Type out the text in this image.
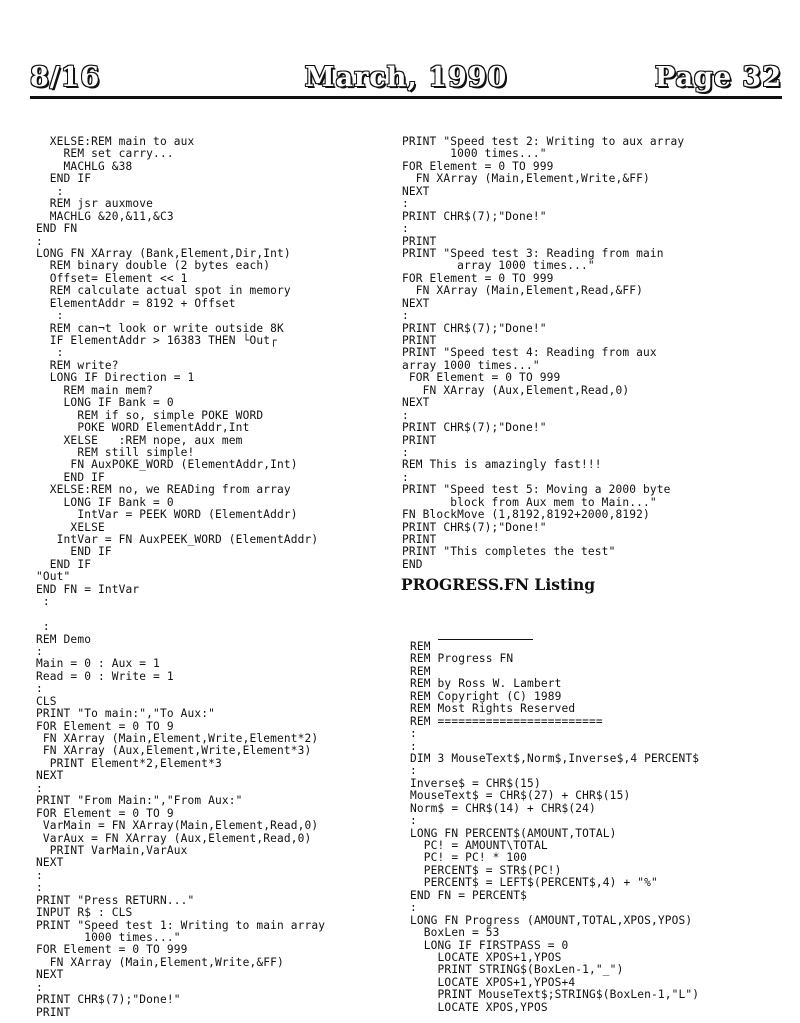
8/16	March, 1990	Page 32
XELSE:REM main to aux
REM set carry...
MACHLG &38
END IF
:
REM jsr auxmove
MACHLG &20,&11,&C3
END FN
:
LONG FN XArray (Bank,Element,Dir,Int)
REM binary double (2 bytes each)
Offset= Element << 1
REM calculate actual spot in memory
ElementAddr = 8192 + Offset
:
REM can¬t look or write outside 8K
IF ElementAddr > 16383 THEN └Out┌
:
REM write?
LONG IF Direction = 1
REM main mem?
LONG IF Bank = 0
REM if so, simple POKE WORD
POKE WORD ElementAddr,Int
XELSE   :REM nope, aux mem
REM still simple!
FN AuxPOKE_WORD (ElementAddr,Int)
END IF
XELSE:REM no, we READing from array
LONG IF Bank = 0
IntVar = PEEK WORD (ElementAddr)
XELSE
IntVar = FN AuxPEEK_WORD (ElementAddr)
END IF
END IF
"Out"
END FN = IntVar
:
:
REM Demo
:
Main = 0 : Aux = 1
Read = 0 : Write = 1
:
CLS
PRINT "To main:","To Aux:"
FOR Element = 0 TO 9
FN XArray (Main,Element,Write,Element*2)
FN XArray (Aux,Element,Write,Element*3)
PRINT Element*2,Element*3
NEXT
:
PRINT "From Main:","From Aux:"
FOR Element = 0 TO 9
VarMain = FN XArray(Main,Element,Read,0)
VarAux = FN XArray (Aux,Element,Read,0)
PRINT VarMain,VarAux
NEXT
:
:
PRINT "Press RETURN..."
INPUT R$ : CLS
PRINT "Speed test 1: Writing to main array
1000 times..."
FOR Element = 0 TO 999
FN XArray (Main,Element,Write,&FF)
NEXT
:
PRINT CHR$(7);"Done!"
PRINT
PRINT "Speed test 2: Writing to aux array
1000 times..."
FOR Element = 0 TO 999
FN XArray (Main,Element,Write,&FF)
NEXT
:
PRINT CHR$(7);"Done!"
:
PRINT
PRINT "Speed test 3: Reading from main
array 1000 times..."
FOR Element = 0 TO 999
FN XArray (Main,Element,Read,&FF)
NEXT
:
PRINT CHR$(7);"Done!"
PRINT
PRINT "Speed test 4: Reading from aux
array 1000 times..."
FOR Element = 0 TO 999
FN XArray (Aux,Element,Read,0)
NEXT
:
PRINT CHR$(7);"Done!"
PRINT
:
REM This is amazingly fast!!!
:
PRINT "Speed test 5: Moving a 2000 byte
block from Aux mem to Main..."
FN BlockMove (1,8192,8192+2000,8192)
PRINT CHR$(7);"Done!"
PRINT
PRINT "This completes the test"
END
PROGRESS.FN Listing
REM
REM Progress FN
REM
REM by Ross W. Lambert
REM Copyright (C) 1989
REM Most Rights Reserved
REM ========================
:
:
DIM 3 MouseText$,Norm$,Inverse$,4 PERCENT$
:
Inverse$ = CHR$(15)
MouseText$ = CHR$(27) + CHR$(15)
Norm$ = CHR$(14) + CHR$(24)
:
LONG FN PERCENT$(AMOUNT,TOTAL)
PC! = AMOUNT\TOTAL
PC! = PC! * 100
PERCENT$ = STR$(PC!)
PERCENT$ = LEFT$(PERCENT$,4) + "%"
END FN = PERCENT$
:
LONG FN Progress (AMOUNT,TOTAL,XPOS,YPOS)
BoxLen = 53
LONG IF FIRSTPASS = 0
LOCATE XPOS+1,YPOS
PRINT STRING$(BoxLen-1,"_")
LOCATE XPOS+1,YPOS+4
PRINT MouseText$;STRING$(BoxLen-1,"L")
LOCATE XPOS,YPOS
